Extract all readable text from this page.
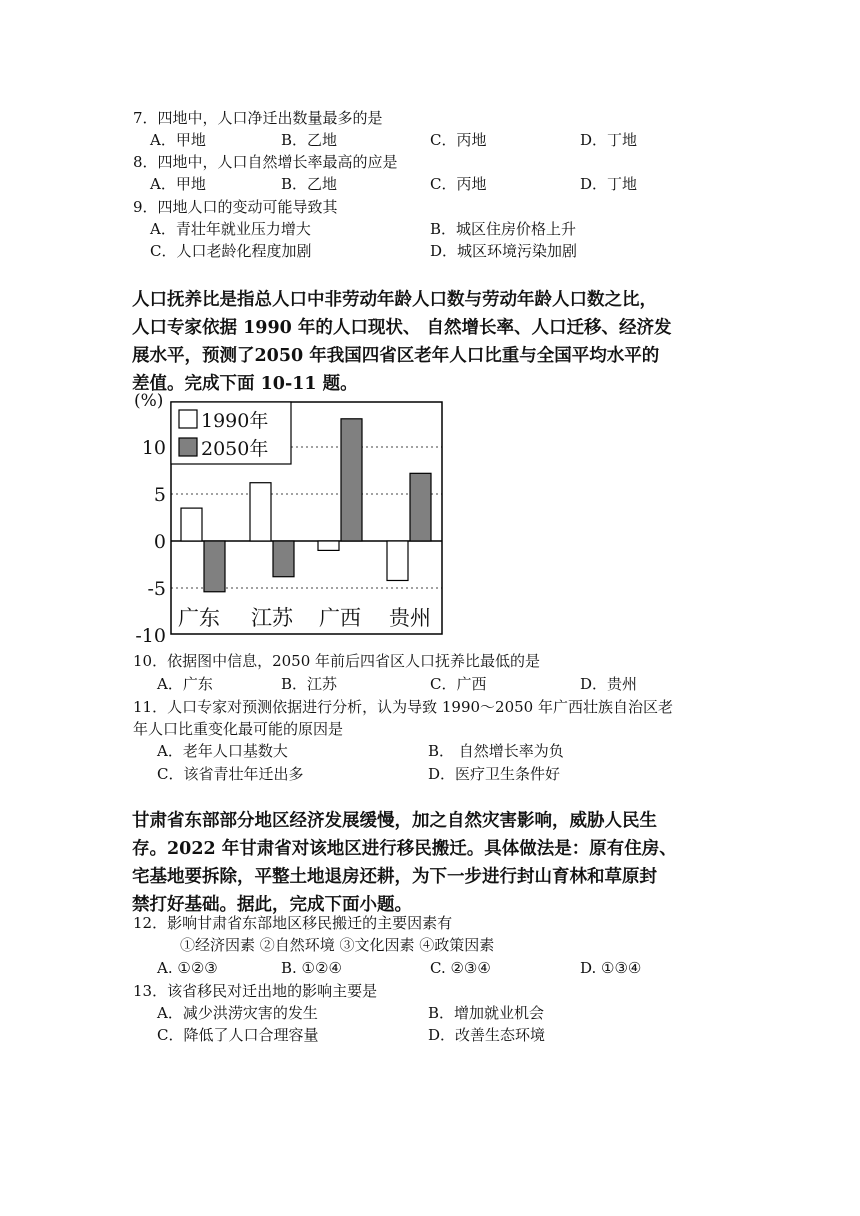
7．四地中，人口净迁出数量最多的是
A．甲地	B．乙地	C．丙地	D．丁地
8．四地中，人口自然增长率最高的应是
A．甲地	B．乙地	C．丙地	D．丁地
9．四地人口的变动可能导致其
A．青壮年就业压力增大	B．城区住房价格上升
C．人口老龄化程度加剧	D．城区环境污染加剧
人口抚养比是指总人口中非劳动年龄人口数与劳动年龄人口数之比，
人口专家依据 1990 年的人口现状、 自然增长率、人口迁移、经济发
展水平，预测了2050 年我国四省区老年人口比重与全国平均水平的
差值。完成下面 10-11 题。
(%)
10
5
0
-5
-10
广东 江苏 广西 贵州
1990年
2050年
10．依据图中信息，2050 年前后四省区人口抚养比最低的是
A．广东	B．江苏	C．广西	D．贵州
11．人口专家对预测依据进行分析，认为导致 1990～2050 年广西壮族自治区老
年人口比重变化最可能的原因是
A．老年人口基数大	B． 自然增长率为负
C．该省青壮年迁出多	D．医疗卫生条件好
甘肃省东部部分地区经济发展缓慢，加之自然灾害影响，威胁人民生
存。2022 年甘肃省对该地区进行移民搬迁。具体做法是：原有住房、
宅基地要拆除，平整土地退房还耕，为下一步进行封山育林和草原封
禁打好基础。据此，完成下面小题。
12．影响甘肃省东部地区移民搬迁的主要因素有
①经济因素 ②自然环境 ③文化因素 ④政策因素
A. ①②③	B. ①②④	C. ②③④	D. ①③④
13．该省移民对迁出地的影响主要是
A．减少洪涝灾害的发生	B．增加就业机会
C．降低了人口合理容量	D．改善生态环境
